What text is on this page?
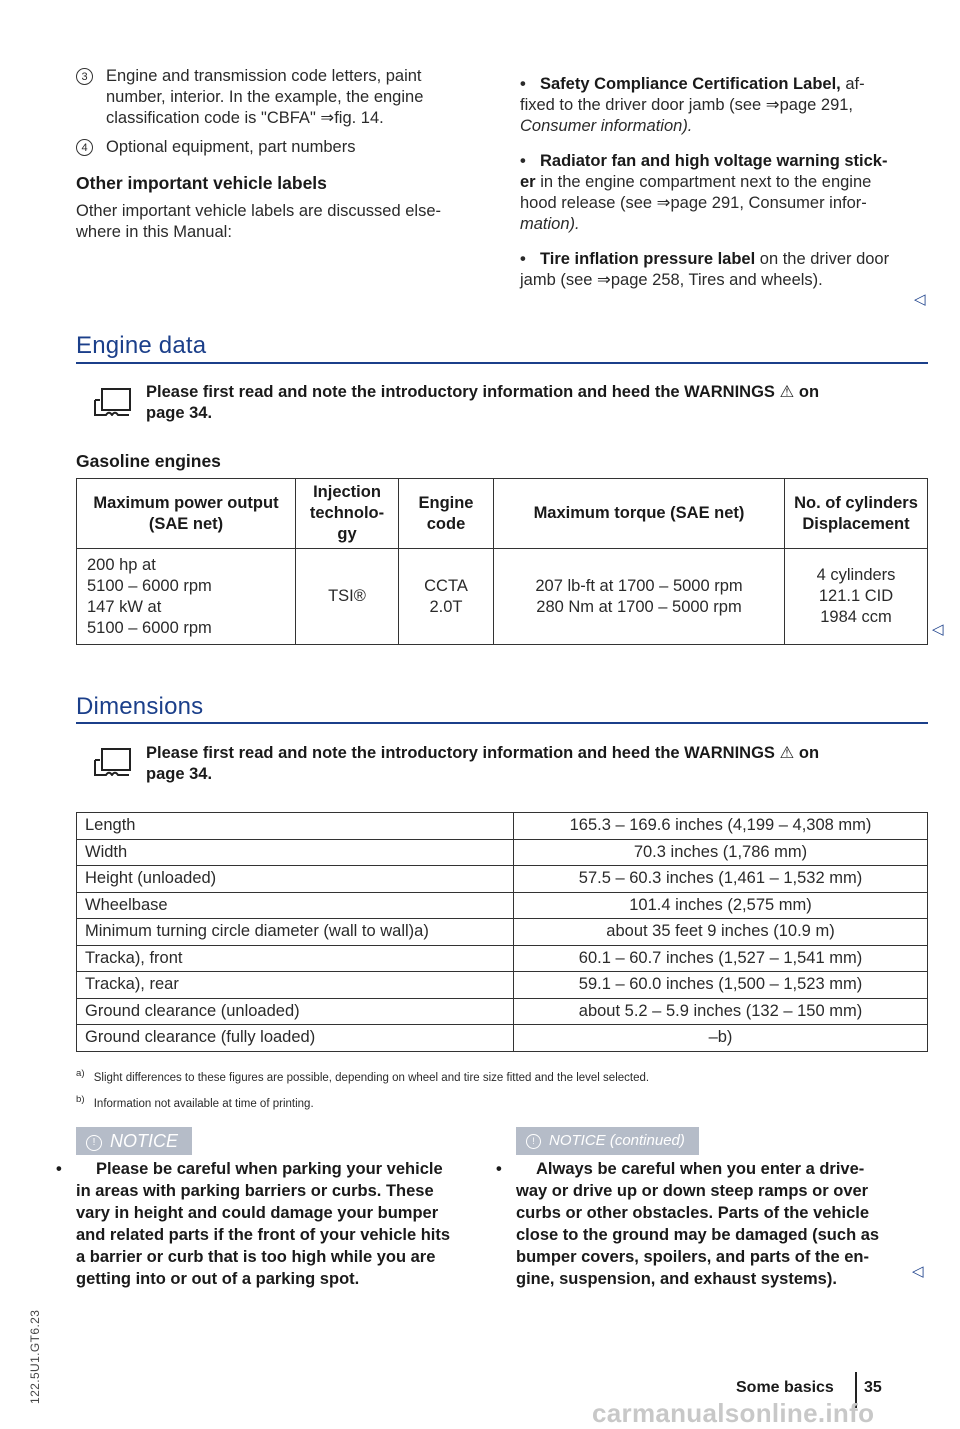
3	Engine and transmission code letters, paint
number, interior. In the example, the engine
classification code is "CBFA" ⇒fig. 14.

4	Optional equipment, part numbers

Other important vehicle labels

Other important vehicle labels are discussed else-
where in this Manual:

• Safety Compliance Certification Label, af-
fixed to the driver door jamb (see ⇒page 291,
Consumer information).

• Radiator fan and high voltage warning stick-
er in the engine compartment next to the engine
hood release (see ⇒page 291, Consumer infor-
mation).

• Tire inflation pressure label on the driver door
jamb (see ⇒page 258, Tires and wheels).

◁
Engine data
Please first read and note the introductory information and heed the WARNINGS ⚠ on
page 34.
Gasoline engines
Maximum power output
(SAE net)	Injection
technolo-
gy	Engine
code	Maximum torque (SAE net)	No. of cylinders
Displacement
200 hp at
5100 – 6000 rpm
147 kW at
5100 – 6000 rpm	TSI®	CCTA
2.0T	207 lb-ft at 1700 – 5000 rpm
280 Nm at 1700 – 5000 rpm	4 cylinders
121.1 CID
1984 ccm
◁
Dimensions
Please first read and note the introductory information and heed the WARNINGS ⚠ on
page 34.
Length	165.3 – 169.6 inches (4,199 – 4,308 mm)
Width	70.3 inches (1,786 mm)
Height (unloaded)	57.5 – 60.3 inches (1,461 – 1,532 mm)
Wheelbase	101.4 inches (2,575 mm)
Minimum turning circle diameter (wall to wall)a)	about 35 feet 9 inches (10.9 m)
Tracka), front	60.1 – 60.7 inches (1,527 – 1,541 mm)
Tracka), rear	59.1 – 60.0 inches (1,500 – 1,523 mm)
Ground clearance (unloaded)	about 5.2 – 5.9 inches (132 – 150 mm)
Ground clearance (fully loaded)	–b)
$^{a)}$ Slight differences to these figures are possible, depending on wheel and tire size fitted and the level selected.
$^{b)}$ Information not available at time of printing.
! NOTICE
• Please be careful when parking your vehicle
in areas with parking barriers or curbs. These
vary in height and could damage your bumper
and related parts if the front of your vehicle hits
a barrier or curb that is too high while you are
getting into or out of a parking spot.
! NOTICE (continued)
• Always be careful when you enter a drive-
way or drive up or down steep ramps or over
curbs or other obstacles. Parts of the vehicle
close to the ground may be damaged (such as
bumper covers, spoilers, and parts of the en-
gine, suspension, and exhaust systems).	◁
Some basics 35
122.5U1.GT6.23
carmanualsonline.info
